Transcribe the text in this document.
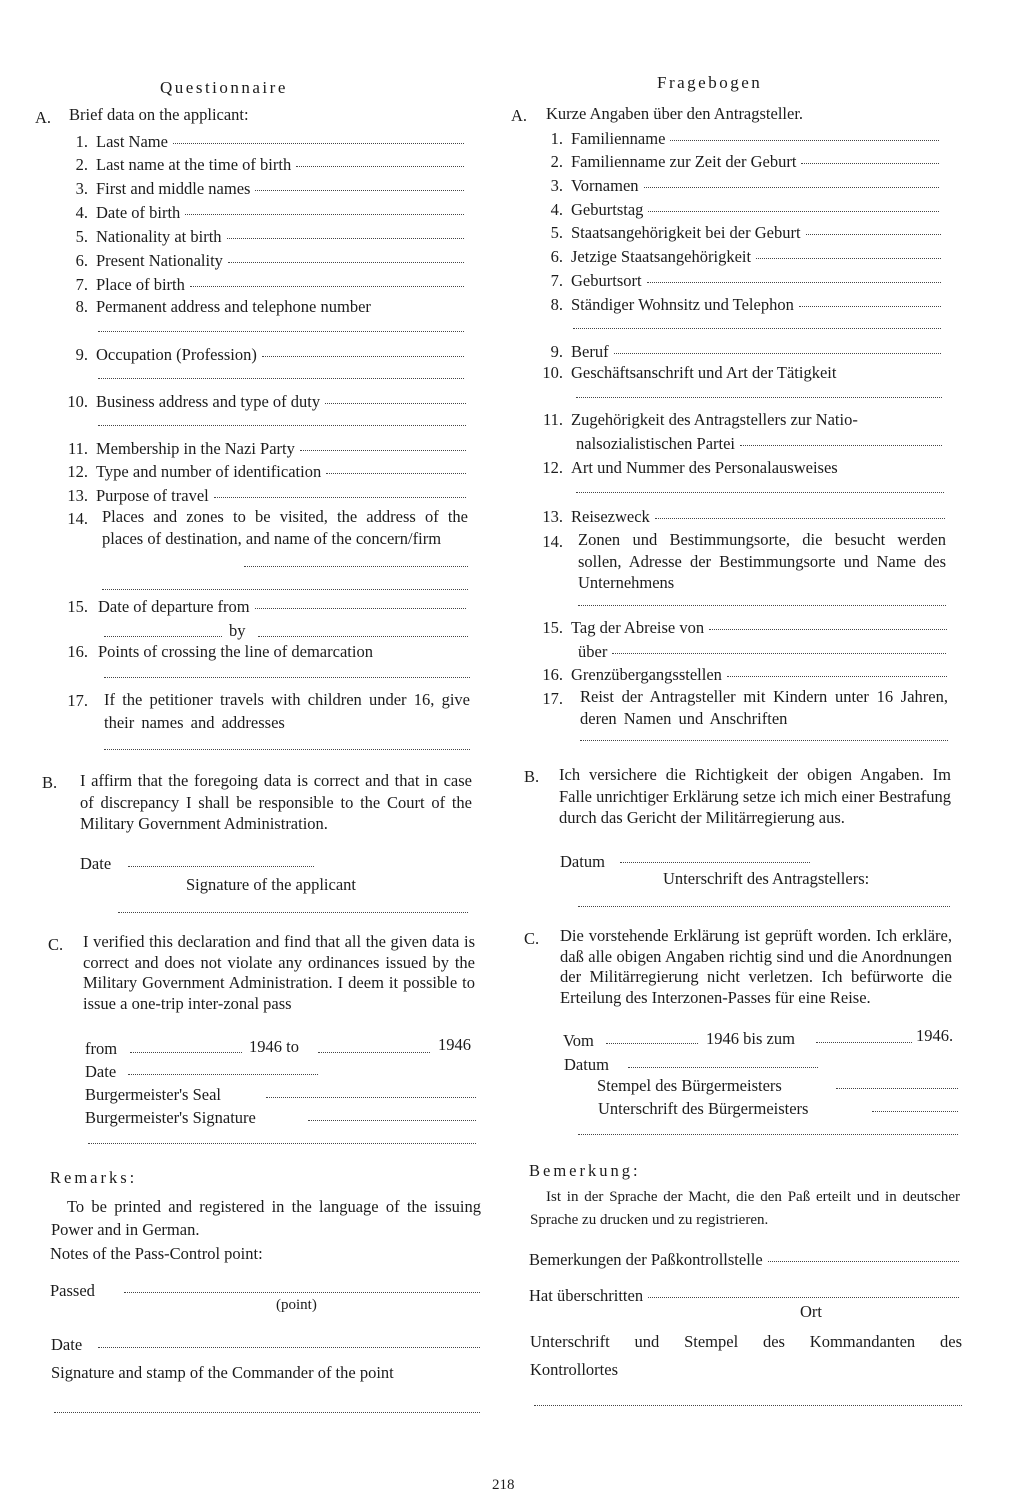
Questionnaire
A. Brief data on the applicant:
1. Last Name
2. Last name at the time of birth
3. First and middle names
4. Date of birth
5. Nationality at birth
6. Present Nationality
7. Place of birth
8. Permanent address and telephone number
9. Occupation (Profession)
10. Business address and type of duty
11. Membership in the Nazi Party
12. Type and number of identification
13. Purpose of travel
14. Places and zones to be visited, the address of the places of destination, and name of the concern/firm
15. Date of departure from
by
16. Points of crossing the line of demarcation
17. If the petitioner travels with children under 16, give their names and addresses
B. I affirm that the foregoing data is correct and that in case of discrepancy I shall be responsible to the Court of the Military Government Administration.
Date
Signature of the applicant
C. I verified this declaration and find that all the given data is correct and does not violate any ordinances issued by the Military Government Administration. I deem it possible to issue a one-trip inter-zonal pass
from	1946 to	1946
Date
Burgermeister's Seal
Burgermeister's Signature
Remarks:
To be printed and registered in the language of the issuing Power and in German.
Notes of the Pass-Control point:
Passed
(point)
Date
Signature and stamp of the Commander of the point
Fragebogen
A. Kurze Angaben über den Antragsteller.
1. Familienname
2. Familienname zur Zeit der Geburt
3. Vornamen
4. Geburtstag
5. Staatsangehörigkeit bei der Geburt
6. Jetzige Staatsangehörigkeit
7. Geburtsort
8. Ständiger Wohnsitz und Telephon
9. Beruf
10. Geschäftsanschrift und Art der Tätigkeit
11. Zugehörigkeit des Antragstellers zur Natio-
nalsozialistischen Partei
12. Art und Nummer des Personalausweises
13. Reisezweck
14. Zonen und Bestimmungsorte, die besucht werden sollen, Adresse der Bestimmungsorte und Name des Unternehmens
15. Tag der Abreise von
über
16. Grenzübergangsstellen
17. Reist der Antragsteller mit Kindern unter 16 Jahren, deren Namen und Anschriften
B. Ich versichere die Richtigkeit der obigen Angaben. Im Falle unrichtiger Erklärung setze ich mich einer Bestrafung durch das Gericht der Militärregierung aus.
Datum
Unterschrift des Antragstellers:
C. Die vorstehende Erklärung ist geprüft worden. Ich erkläre, daß alle obigen Angaben richtig sind und die Anordnungen der Militärregierung nicht verletzen. Ich befürworte die Erteilung des Interzonen-Passes für eine Reise.
Vom	1946 bis zum	1946.
Datum
Stempel des Bürgermeisters
Unterschrift des Bürgermeisters
Bemerkung:
Ist in der Sprache der Macht, die den Paß erteilt und in deutscher Sprache zu drucken und zu registrieren.
Bemerkungen der Paßkontrollstelle
Hat überschritten
Ort
Unterschrift und Stempel des Kommandanten des Kontrollortes
218
